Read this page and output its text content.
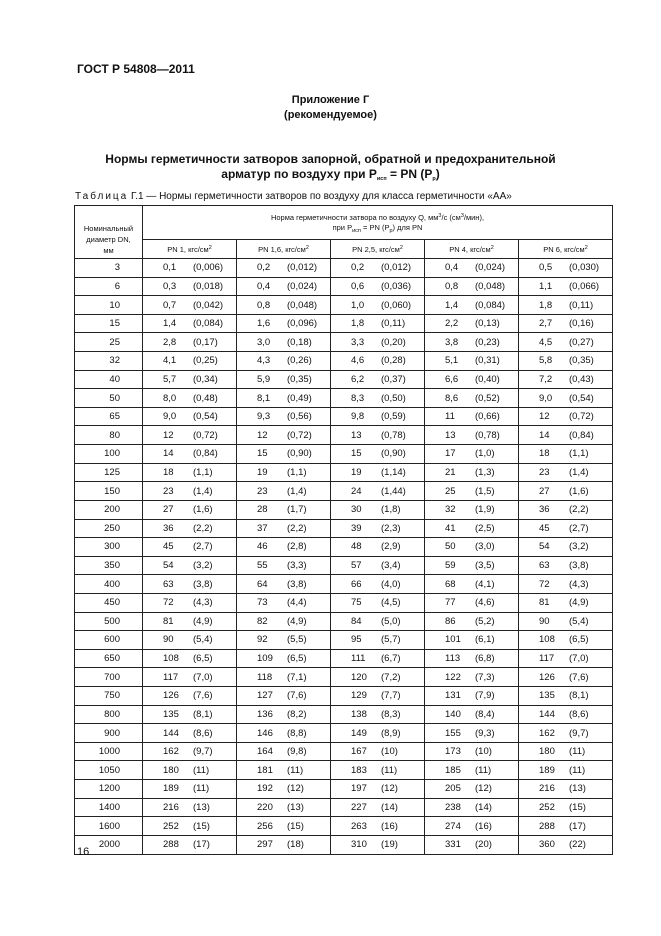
ГОСТ Р 54808—2011
Приложение Г
(рекомендуемое)
Нормы герметичности затворов запорной, обратной и предохранительной
арматур по воздуху при $P_{исп}$ = PN $(P_р)$
Таблица Г.1 — Нормы герметичности затворов по воздуху для класса герметичности «АА»
Номинальный
диаметр DN,
мм	Норма герметичности затвора по воздуху Q, $мм^3/с$ $(см^3/мин)$,
при $P_{исп}$ = PN $(P_р)$ для PN				
	PN 1, кгс/$см^2$	PN 1,6, кгс/$см^2$	PN 2,5, кгс/$см^2$	PN 4, кгс/$см^2$	PN 6, кгс/$см^2$
3	0,1 (0,006)	0,2 (0,012)	0,2 (0,012)	0,4 (0,024)	0,5 (0,030)
6	0,3 (0,018)	0,4 (0,024)	0,6 (0,036)	0,8 (0,048)	1,1 (0,066)
10	0,7 (0,042)	0,8 (0,048)	1,0 (0,060)	1,4 (0,084)	1,8 (0,11)
15	1,4 (0,084)	1,6 (0,096)	1,8 (0,11)	2,2 (0,13)	2,7 (0,16)
25	2,8 (0,17)	3,0 (0,18)	3,3 (0,20)	3,8 (0,23)	4,5 (0,27)
32	4,1 (0,25)	4,3 (0,26)	4,6 (0,28)	5,1 (0,31)	5,8 (0,35)
40	5,7 (0,34)	5,9 (0,35)	6,2 (0,37)	6,6 (0,40)	7,2 (0,43)
50	8,0 (0,48)	8,1 (0,49)	8,3 (0,50)	8,6 (0,52)	9,0 (0,54)
65	9,0 (0,54)	9,3 (0,56)	9,8 (0,59)	11 (0,66)	12 (0,72)
80	12 (0,72)	12 (0,72)	13 (0,78)	13 (0,78)	14 (0,84)
100	14 (0,84)	15 (0,90)	15 (0,90)	17 (1,0)	18 (1,1)
125	18 (1,1)	19 (1,1)	19 (1,14)	21 (1,3)	23 (1,4)
150	23 (1,4)	23 (1,4)	24 (1,44)	25 (1,5)	27 (1,6)
200	27 (1,6)	28 (1,7)	30 (1,8)	32 (1,9)	36 (2,2)
250	36 (2,2)	37 (2,2)	39 (2,3)	41 (2,5)	45 (2,7)
300	45 (2,7)	46 (2,8)	48 (2,9)	50 (3,0)	54 (3,2)
350	54 (3,2)	55 (3,3)	57 (3,4)	59 (3,5)	63 (3,8)
400	63 (3,8)	64 (3,8)	66 (4,0)	68 (4,1)	72 (4,3)
450	72 (4,3)	73 (4,4)	75 (4,5)	77 (4,6)	81 (4,9)
500	81 (4,9)	82 (4,9)	84 (5,0)	86 (5,2)	90 (5,4)
600	90 (5,4)	92 (5,5)	95 (5,7)	101 (6,1)	108 (6,5)
650	108 (6,5)	109 (6,5)	111 (6,7)	113 (6,8)	117 (7,0)
700	117 (7,0)	118 (7,1)	120 (7,2)	122 (7,3)	126 (7,6)
750	126 (7,6)	127 (7,6)	129 (7,7)	131 (7,9)	135 (8,1)
800	135 (8,1)	136 (8,2)	138 (8,3)	140 (8,4)	144 (8,6)
900	144 (8,6)	146 (8,8)	149 (8,9)	155 (9,3)	162 (9,7)
1000	162 (9,7)	164 (9,8)	167 (10)	173 (10)	180 (11)
1050	180 (11)	181 (11)	183 (11)	185 (11)	189 (11)
1200	189 (11)	192 (12)	197 (12)	205 (12)	216 (13)
1400	216 (13)	220 (13)	227 (14)	238 (14)	252 (15)
1600	252 (15)	256 (15)	263 (16)	274 (16)	288 (17)
2000	288 (17)	297 (18)	310 (19)	331 (20)	360 (22)
16
